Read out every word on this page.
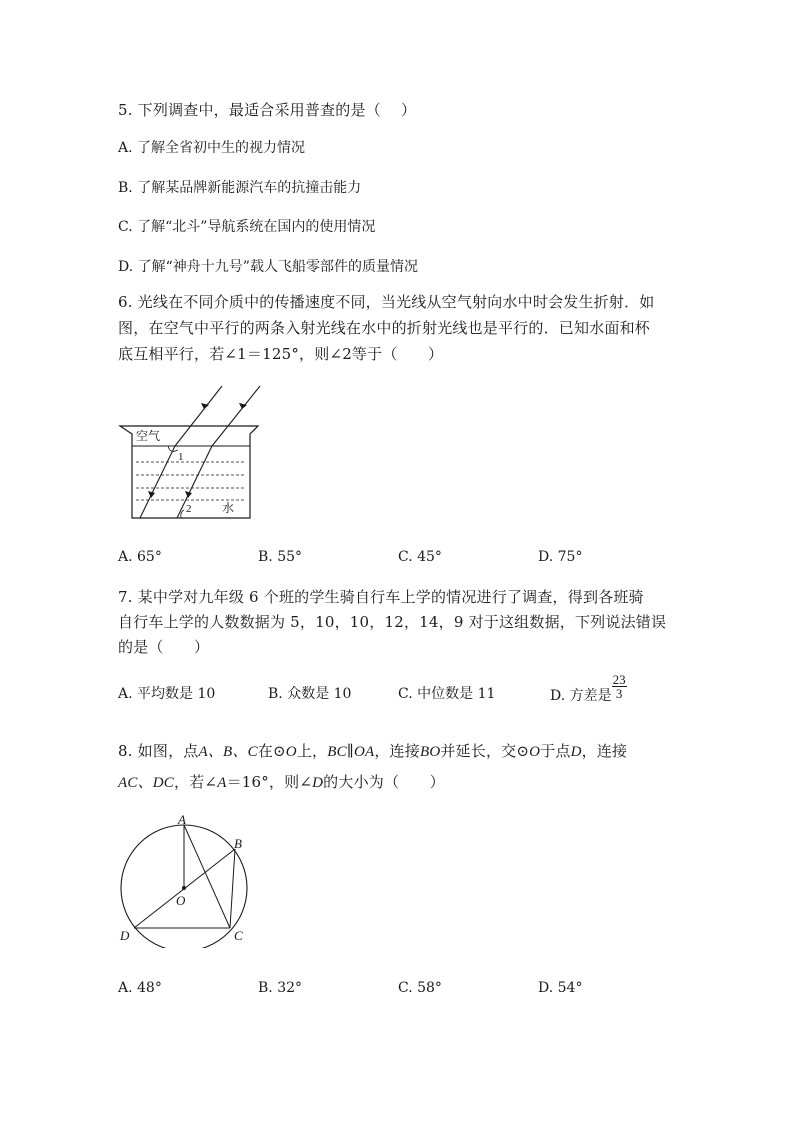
5. 下列调查中，最适合采用普查的是（　 ）
A. 了解全省初中生的视力情况
B. 了解某品牌新能源汽车的抗撞击能力
C. 了解“北斗”导航系统在国内的使用情况
D. 了解“神舟十九号”载人飞船零部件的质量情况
6. 光线在不同介质中的传播速度不同，当光线从空气射向水中时会发生折射．如
图，在空气中平行的两条入射光线在水中的折射光线也是平行的．已知水面和杯
底互相平行，若∠1＝125°，则∠2等于（　　）
空气
1
2	水
A. 65°	B. 55°	C. 45°	D. 75°
7. 某中学对九年级 6 个班的学生骑自行车上学的情况进行了调查，得到各班骑
自行车上学的人数数据为 5，10，10，12，14，9 对于这组数据，下列说法错误
的是（　　）
A. 平均数是 10	B. 众数是 10	C. 中位数是 11	D. 方差是 $\frac{23}{3}$
8. 如图，点A、B、C在⊙O上，BC∥OA，连接BO并延长，交⊙O于点D，连接
AC、DC，若∠A＝16°，则∠D的大小为（　　）
A
B
C
D
O
A. 48°	B. 32°	C. 58°	D. 54°
